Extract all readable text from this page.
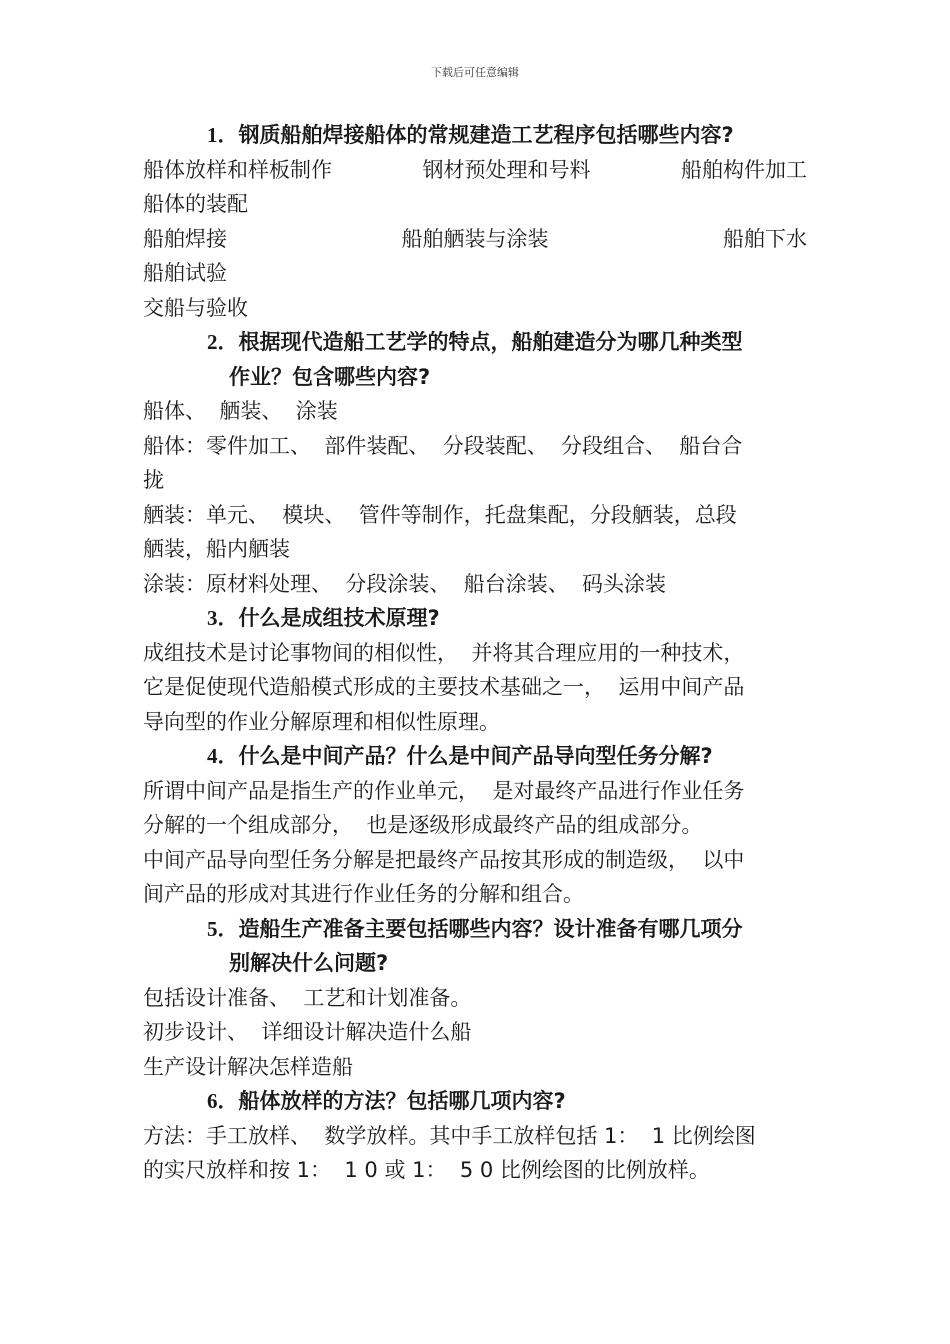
下载后可任意编辑
1．钢质船舶焊接船体的常规建造工艺程序包括哪些内容?
船体放样和样板制作	钢材预处理和号料	船舶构件加工
船体的装配
船舶焊接	船舶舾装与涂装	船舶下水
船舶试验
交船与验收
2．根据现代造船工艺学的特点，船舶建造分为哪几种类型
作业？包含哪些内容?
船体、  舾装、  涂装
船体：零件加工、  部件装配、  分段装配、  分段组合、  船台合
拢
舾装：单元、  模块、  管件等制作，托盘集配，分段舾装，总段
舾装，船内舾装
涂装：原材料处理、  分段涂装、  船台涂装、  码头涂装
3．什么是成组技术原理?
成组技术是讨论事物间的相似性，  并将其合理应用的一种技术，
它是促使现代造船模式形成的主要技术基础之一，  运用中间产品
导向型的作业分解原理和相似性原理。
4．什么是中间产品？什么是中间产品导向型任务分解?
所谓中间产品是指生产的作业单元，  是对最终产品进行作业任务
分解的一个组成部分，  也是逐级形成最终产品的组成部分。
中间产品导向型任务分解是把最终产品按其形成的制造级，  以中
间产品的形成对其进行作业任务的分解和组合。
5．造船生产准备主要包括哪些内容？设计准备有哪几项分
别解决什么问题?
包括设计准备、  工艺和计划准备。
初步设计、  详细设计解决造什么船
生产设计解决怎样造船
6．船体放样的方法？包括哪几项内容?
方法：手工放样、  数学放样。其中手工放样包括 1：  1 比例绘图
的实尺放样和按 1：  1 0 或 1：  5 0 比例绘图的比例放样。
